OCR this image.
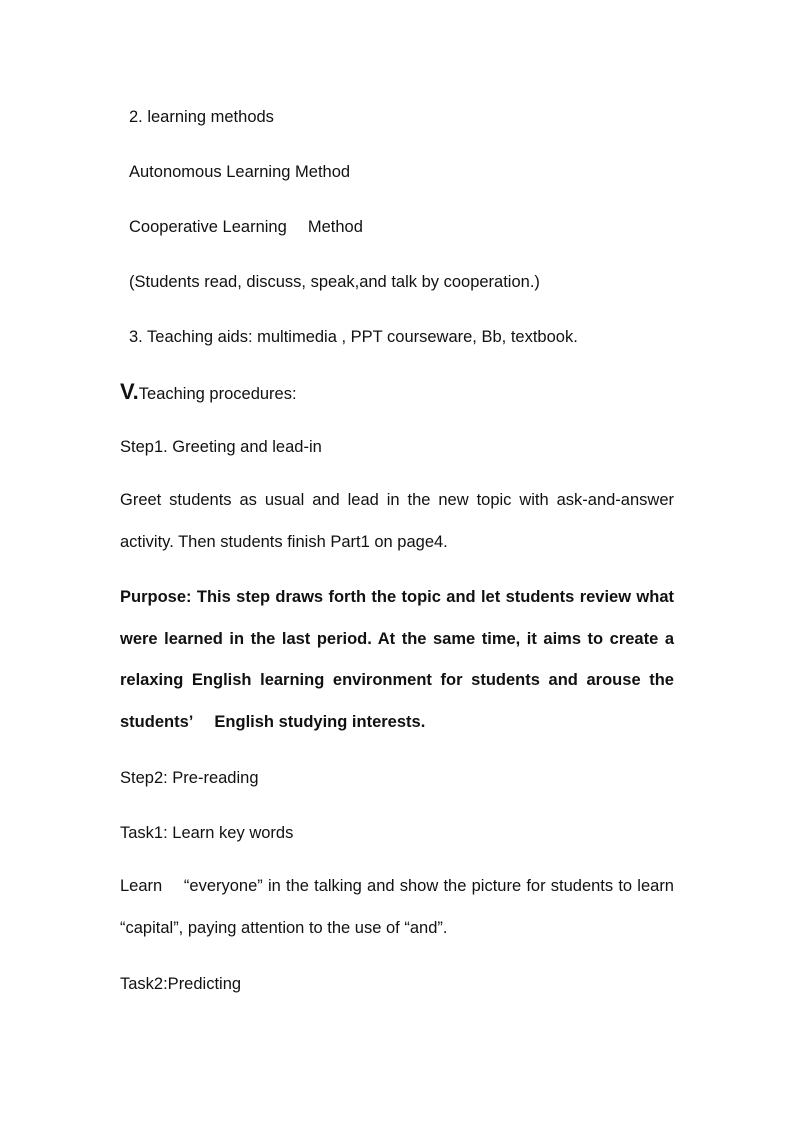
2. learning methods
Autonomous Learning Method
Cooperative Learning  Method
(Students read, discuss, speak,and talk by cooperation.)
3. Teaching aids: multimedia , PPT courseware, Bb, textbook.
V.Teaching procedures:
Step1. Greeting and lead-in
Greet students as usual and lead in the new topic with ask-and-answer activity. Then students finish Part1 on page4.
Purpose: This step draws forth the topic and let students review what were learned in the last period. At the same time, it aims to create a relaxing English learning environment for students and arouse the students’  English studying interests.
Step2: Pre-reading
Task1: Learn key words
Learn  “everyone” in the talking and show the picture for students to learn “capital”, paying attention to the use of “and”.
Task2:Predicting
